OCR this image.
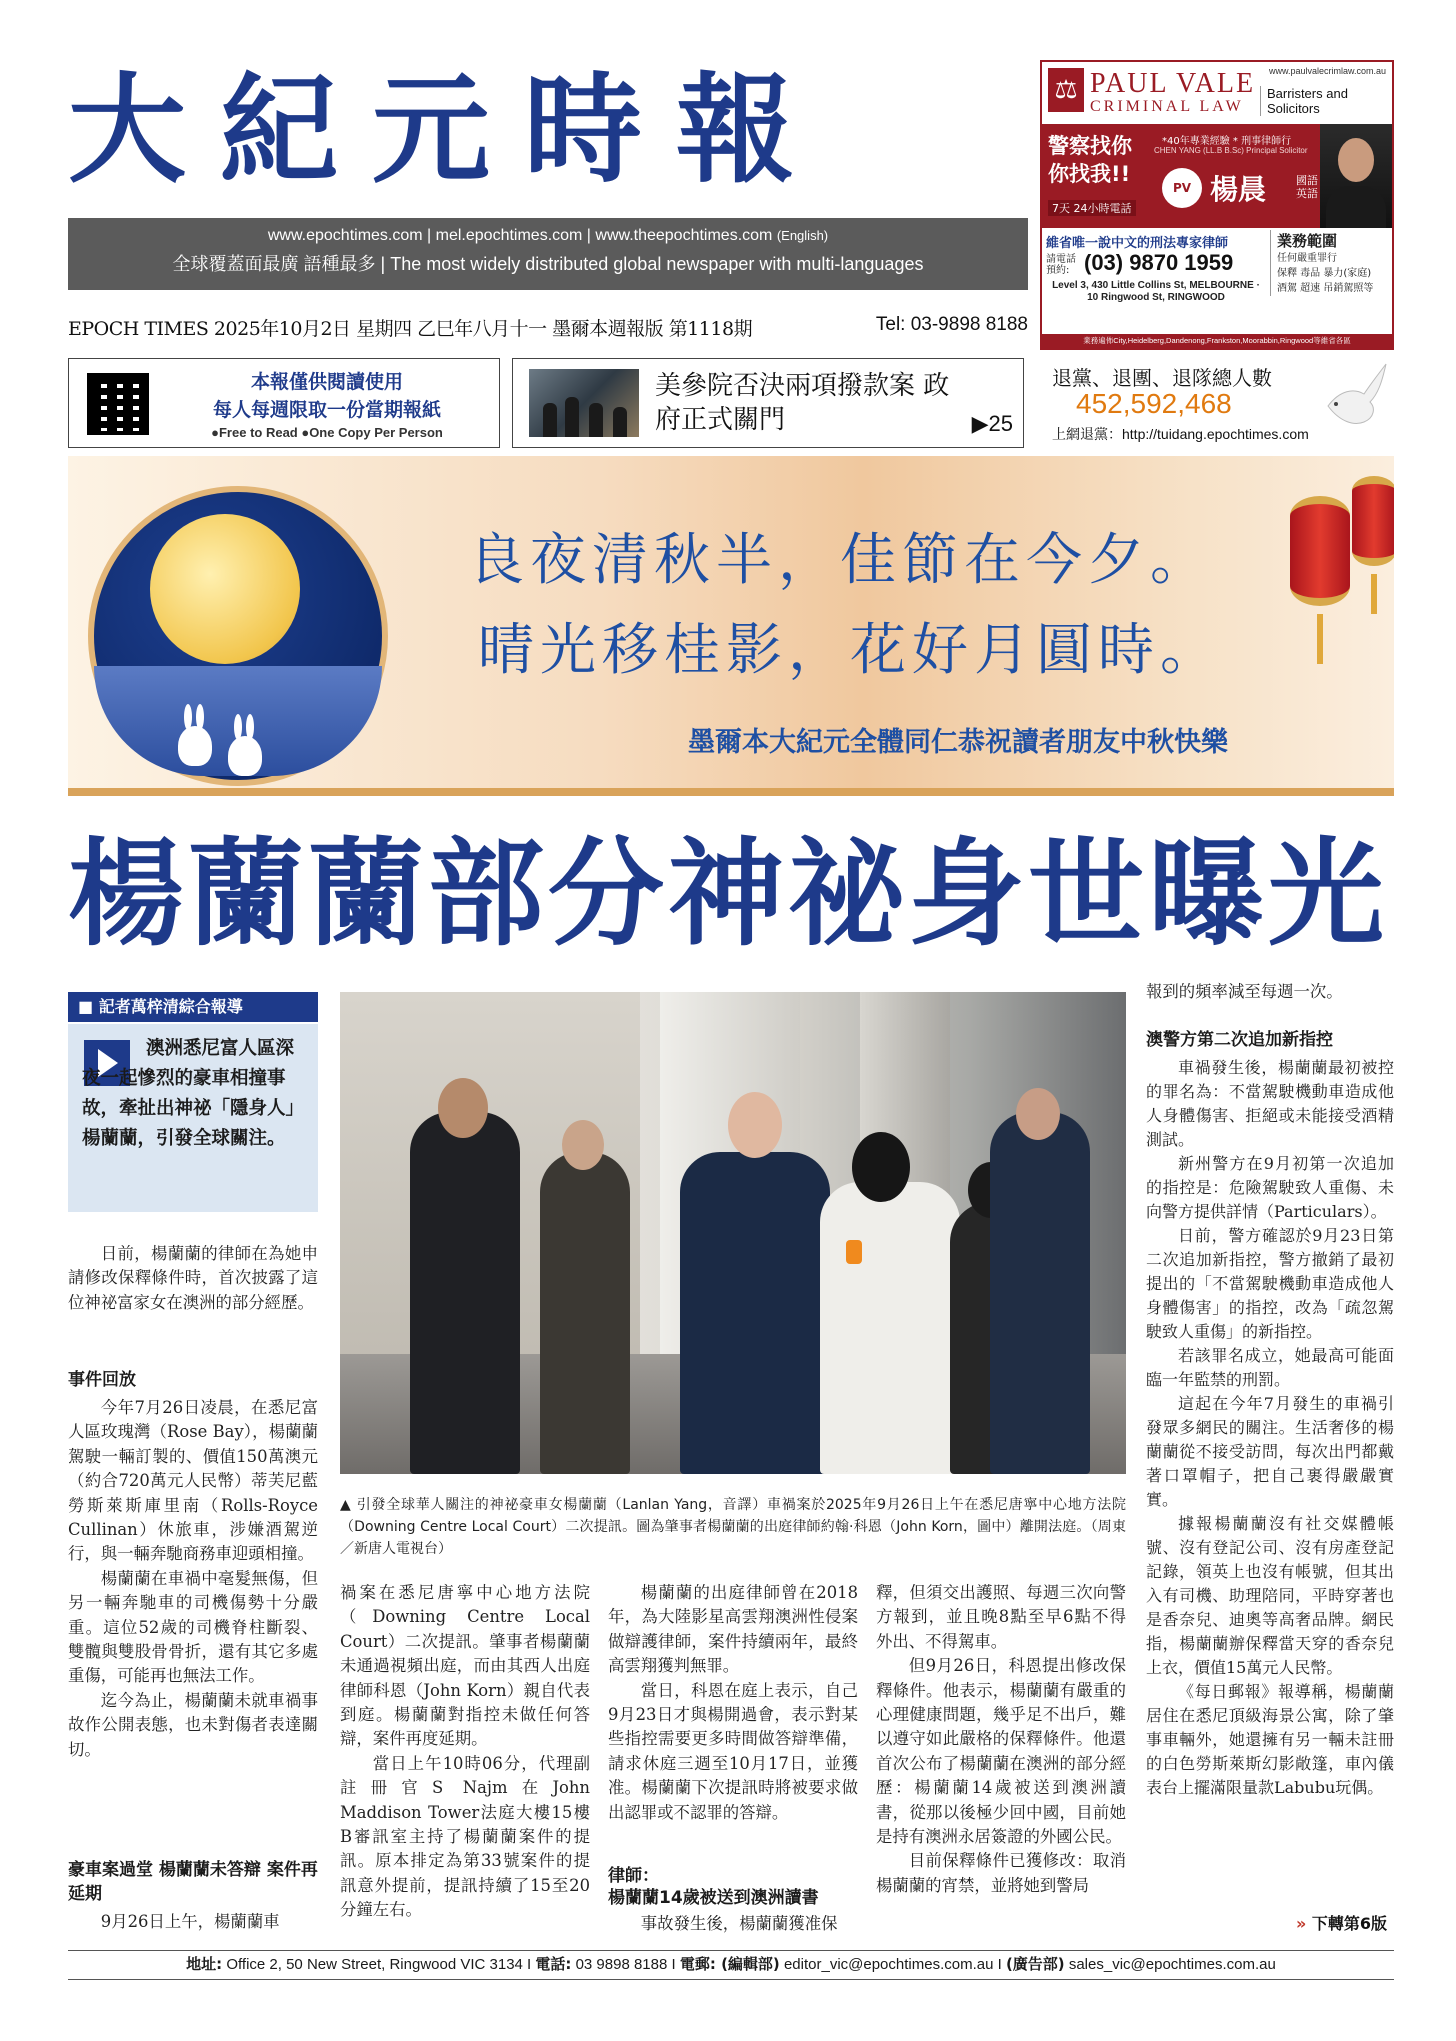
大紀元時報
www.epochtimes.com | mel.epochtimes.com | www.theepochtimes.com (English)
全球覆蓋面最廣 語種最多 | The most widely distributed global newspaper with multi-languages
EPOCH TIMES 2025年10月2日 星期四 乙巳年八月十一 墨爾本週報版 第1118期	Tel: 03-9898 8188
⚖ PAUL VALE
CRIMINAL LAW
Barristers and Solicitors
www.paulvalecrimlaw.com.au
警察找你 你找我!!
7天 24小時電話
*40年專業經驗 * 刑事律師行
CHEN YANG (LL.B B.Sc) Principal Solicitor
PV 楊晨	國語 英語
維省唯一說中文的刑法專家律師
請電話預約: (03) 9870 1959
Level 3, 430 Little Collins St, MELBOURNE · 10 Ringwood St, RINGWOOD
業務範圍
任何嚴重罪行
保釋 毒品 暴力(家庭)
酒駕 超速 吊銷駕照等
業務遍佈City,Heidelberg,Dandenong,Frankston,Moorabbin,Ringwood等維省各區
本報僅供閱讀使用
每人每週限取一份當期報紙
●Free to Read ●One Copy Per Person
美參院否決兩項撥款案 政府正式關門	▶25
退黨、退團、退隊總人數
452,592,468
上網退黨：http://tuidang.epochtimes.com
良夜清秋半，佳節在今夕。
晴光移桂影，花好月圓時。
墨爾本大紀元全體同仁恭祝讀者朋友中秋快樂
楊蘭蘭部分神祕身世曝光
■ 記者萬梓清綜合報導
澳洲悉尼富人區深夜一起慘烈的豪車相撞事故，牽扯出神祕「隱身人」楊蘭蘭，引發全球關注。

日前，楊蘭蘭的律師在為她申請修改保釋條件時，首次披露了這位神祕富家女在澳洲的部分經歷。

事件回放

今年7月26日凌晨，在悉尼富人區玫瑰灣（Rose Bay），楊蘭蘭駕駛一輛訂製的、價值150萬澳元（約合720萬元人民幣）蒂芙尼藍勞斯萊斯庫里南（Rolls-Royce Cullinan）休旅車，涉嫌酒駕逆行，與一輛奔馳商務車迎頭相撞。

楊蘭蘭在車禍中毫髮無傷，但另一輛奔馳車的司機傷勢十分嚴重。這位52歲的司機脊柱斷裂、雙髖與雙股骨骨折，還有其它多處重傷，可能再也無法工作。

迄今為止，楊蘭蘭未就車禍事故作公開表態，也未對傷者表達關切。

豪車案過堂 楊蘭蘭未答辯 案件再延期

9月26日上午，楊蘭蘭車

▲ 引發全球華人關注的神祕豪車女楊蘭蘭（Lanlan Yang，音譯）車禍案於2025年9月26日上午在悉尼唐寧中心地方法院（Downing Centre Local Court）二次提訊。圖為肇事者楊蘭蘭的出庭律師約翰·科恩（John Korn，圖中）離開法庭。（周東／新唐人電視台）

禍案在悉尼唐寧中心地方法院（Downing Centre Local Court）二次提訊。肇事者楊蘭蘭未通過視頻出庭，而由其西人出庭律師科恩（John Korn）親自代表到庭。楊蘭蘭對指控未做任何答辯，案件再度延期。

當日上午10時06分，代理副註冊官S Najm在John Maddison Tower法庭大樓15樓B審訊室主持了楊蘭蘭案件的提訊。原本排定為第33號案件的提訊意外提前，提訊持續了15至20分鐘左右。

楊蘭蘭的出庭律師曾在2018年，為大陸影星高雲翔澳洲性侵案做辯護律師，案件持續兩年，最終高雲翔獲判無罪。

當日，科恩在庭上表示，自己9月23日才與楊開過會，表示對某些指控需要更多時間做答辯準備，請求休庭三週至10月17日，並獲准。楊蘭蘭下次提訊時將被要求做出認罪或不認罪的答辯。

律師：
楊蘭蘭14歲被送到澳洲讀書

事故發生後，楊蘭蘭獲准保

釋，但須交出護照、每週三次向警方報到，並且晚8點至早6點不得外出、不得駕車。

但9月26日，科恩提出修改保釋條件。他表示，楊蘭蘭有嚴重的心理健康問題，幾乎足不出戶，難以遵守如此嚴格的保釋條件。他還首次公布了楊蘭蘭在澳洲的部分經歷：楊蘭蘭14歲被送到澳洲讀書，從那以後極少回中國，目前她是持有澳洲永居簽證的外國公民。

目前保釋條件已獲修改：取消楊蘭蘭的宵禁，並將她到警局

報到的頻率減至每週一次。

澳警方第二次追加新指控

車禍發生後，楊蘭蘭最初被控的罪名為：不當駕駛機動車造成他人身體傷害、拒絕或未能接受酒精測試。

新州警方在9月初第一次追加的指控是：危險駕駛致人重傷、未向警方提供詳情（Particulars）。

日前，警方確認於9月23日第二次追加新指控，警方撤銷了最初提出的「不當駕駛機動車造成他人身體傷害」的指控，改為「疏忽駕駛致人重傷」的新指控。

若該罪名成立，她最高可能面臨一年監禁的刑罰。

這起在今年7月發生的車禍引發眾多網民的關注。生活奢侈的楊蘭蘭從不接受訪問，每次出門都戴著口罩帽子，把自己裹得嚴嚴實實。

據報楊蘭蘭沒有社交媒體帳號、沒有登記公司、沒有房產登記記錄，領英上也沒有帳號，但其出入有司機、助理陪同，平時穿著也是香奈兒、迪奧等高奢品牌。網民指，楊蘭蘭辦保釋當天穿的香奈兒上衣，價值15萬元人民幣。

《每日郵報》報導稱，楊蘭蘭居住在悉尼頂級海景公寓，除了肇事車輛外，她還擁有另一輛未註冊的白色勞斯萊斯幻影敞篷，車內儀表台上擺滿限量款Labubu玩偶。

» 下轉第6版
地址: Office 2, 50 New Street, Ringwood VIC 3134 I 電話: 03 9898 8188 I 電郵: (編輯部) editor_vic@epochtimes.com.au I (廣告部) sales_vic@epochtimes.com.au
